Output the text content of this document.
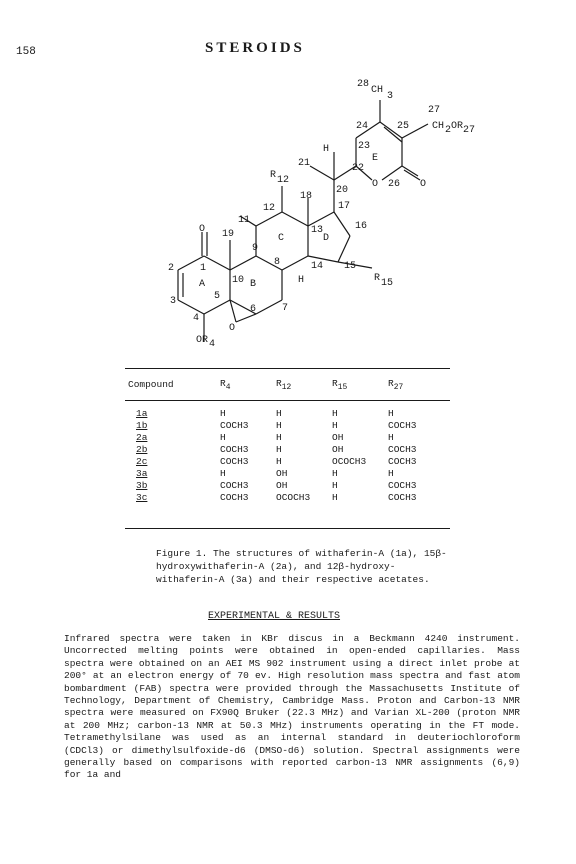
158	STEROIDS
28
CH
3
27
CH 2 OR 27
24	25
23
E
22
H
21
R 12
20
O 26 O
18
17
16
12
11
13
D
C
19
9
O
1
2
A	10 B
8	14
H
15
R 15
5
6	7
3
4
O
OR 4
Compound	$R_4$	$R_{12}$	$R_{15}$	$R_{27}$
1a	H	H	H	H
1b	COCH3	H	H	COCH3
2a	H	H	OH	H
2b	COCH3	H	OH	COCH3
2c	COCH3	H	OCOCH3	COCH3
3a	H	OH	H	H
3b	COCH3	OH	H	COCH3
3c	COCH3	OCOCH3	H	COCH3
Figure 1. The structures of withaferin-A (1a), 15β-hydroxywithaferin-A (2a), and 12β-hydroxy-withaferin-A (3a) and their respective acetates.
EXPERIMENTAL & RESULTS
Infrared spectra were taken in KBr discus in a Beckmann 4240 instrument. Uncorrected melting points were obtained in open-ended capillaries. Mass spectra were obtained on an AEI MS 902 instrument using a direct inlet probe at 200° at an electron energy of 70 ev. High resolution mass spectra and fast atom bombardment (FAB) spectra were provided through the Massachusetts Institute of Technology, Department of Chemistry, Cambridge Mass. Proton and Carbon-13 NMR spectra were measured on FX90Q Bruker (22.3 MHz) and Varian XL-200 (proton NMR at 200 MHz; carbon-13 NMR at 50.3 MHz) instruments operating in the FT mode. Tetramethylsilane was used as an internal standard in deuteriochloroform (CDCl3) or dimethylsulfoxide-d6 (DMSO-d6) solution. Spectral assignments were generally based on comparisons with reported carbon-13 NMR assignments (6,9) for 1a and
